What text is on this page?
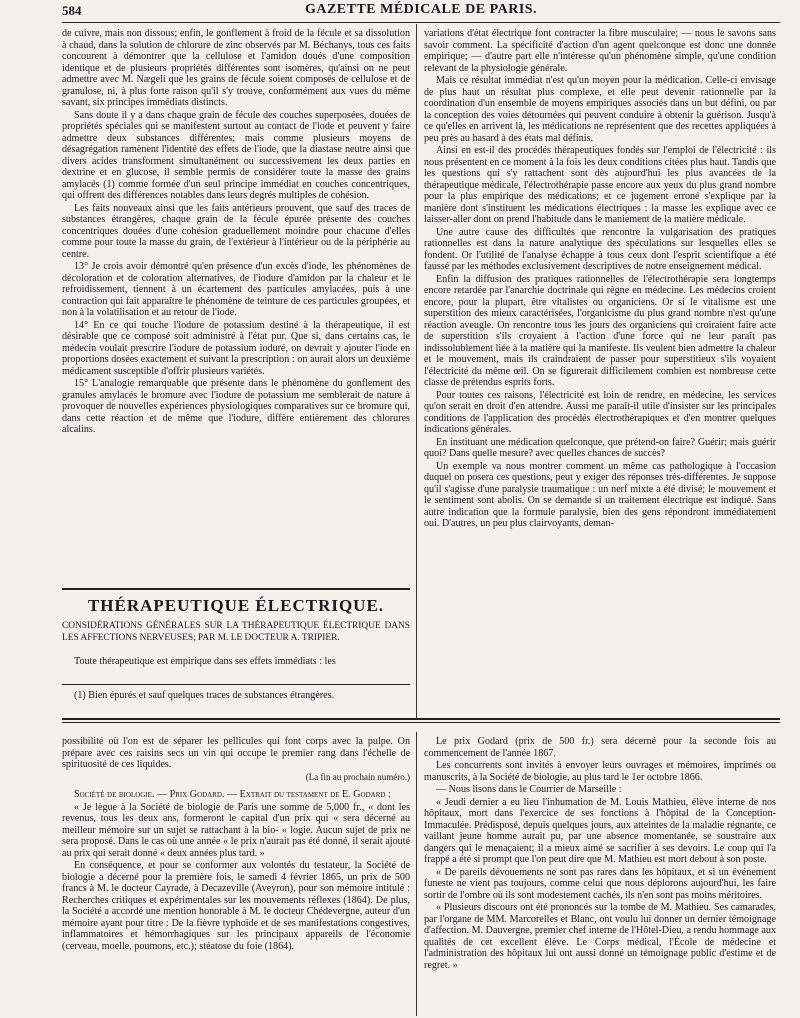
584	GAZETTE MÉDICALE DE PARIS.

de cuivre, mais non dissous; enfin, le gonflement à froid de la fécule et sa dissolution à chaud, dans la solution de chlorure de zinc observés par M. Béchanys, tous ces faits concourent à démontrer que la cellulose et l'amidon doués d'une composition identique et de plusieurs propriétés différentes sont isomères, qu'ainsi on ne peut admettre avec M. Nægeli que les grains de fécule soient composés de cellulose et de granulose, ni, à plus forte raison qu'il s'y trouve, conformément aux vues du même savant, six principes immédiats distincts.

Sans doute il y a dans chaque grain de fécule des couches superposées, douées de propriétés spéciales qui se manifestent surtout au contact de l'iode et peuvent y faire admettre deux substances différentes; mais comme plusieurs moyens de désagrégation ramènent l'identité des effets de l'iode, que la diastase neutre ainsi que divers acides transforment simultanément ou successivement les deux parties en dextrine et en glucose, il semble permis de considérer toute la masse des grains amylacés (1) comme formée d'un seul principe immédiat en couches concentriques, qui offrent des différences notables dans leurs degrés multiples de cohésion.

Les faits nouveaux ainsi que les faits antérieurs prouvent, que sauf des traces de substances étrangères, chaque grain de la fécule épurée présente des couches concentriques douées d'une cohésion graduellement moindre pour chacune d'elles comme pour toute la masse du grain, de l'extérieur à l'intérieur ou de la périphérie au centre.

13° Je crois avoir démontré qu'en présence d'un excès d'iode, les phénomènes de décoloration et de coloration alternatives, de l'iodure d'amidon par la chaleur et le refroidissement, tiennent à un écartement des particules amylacées, puis à une contraction qui fait apparaître le phénomène de teinture de ces particules groupées, et non à la volatilisation et au retour de l'iode.

14° En ce qui touche l'iodure de potassium destiné à la thérapeutique, il est désirable que ce composé soit administré à l'état pur. Que si, dans certains cas, le médecin voulait prescrire l'iodure de potassium ioduré, on devrait y ajouter l'iode en proportions dosées exactement et suivant la prescription : on aurait alors un deuxième médicament susceptible d'offrir plusieurs variétés.

15° L'analogie remarquable que présente dans le phénomène du gonflement des granules amylacés le bromure avec l'iodure de potassium me semblerait de nature à provoquer de nouvelles expériences physiologiques comparatives sur ce bromure qui, dans cette réaction et de même que l'iodure, diffère entièrement des chlorures alcalins.

THÉRAPEUTIQUE ÉLECTRIQUE.
CONSIDÉRATIONS GÉNÉRALES SUR LA THÉRAPEUTIQUE ÉLECTRIQUE DANS LES AFFECTIONS NERVEUSES; PAR M. LE DOCTEUR A. TRIPIER.
Toute thérapeutique est empirique dans ses effets immédiats : les
(1) Bien épurés et sauf quelques traces de substances étrangères.

variations d'état électrique font contracter la fibre musculaire; — nous le savons sans savoir comment. La spécificité d'action d'un agent quelconque est donc une donnée empirique; — d'autre part elle n'intéresse qu'un phénomène simple, qu'une condition relevant de la physiologie générale.

Mais ce résultat immédiat n'est qu'un moyen pour la médication. Celle-ci envisage de plus haut un résultat plus complexe, et elle peut devenir rationnelle par la coordination d'un ensemble de moyens empiriques associés dans un but défini, ou par la conception des voies détournées qui peuvent conduire à obtenir la guérison. Jusqu'à ce qu'elles en arrivent là, les médications ne représentent que des recettes appliquées à peu près au hasard à des états mal définis.

Ainsi en est-il des procédés thérapeutiques fondés sur l'emploi de l'électricité : ils nous présentent en ce moment à la fois les deux conditions citées plus haut. Tandis que les questions qui s'y rattachent sont dès aujourd'hui les plus avancées de la thérapeutique médicale, l'électrothérapie passe encore aux yeux du plus grand nombre pour la plus empirique des médications; et ce jugement erroné s'explique par la manière dont s'instituent les médications électriques : la masse les explique avec ce laisser-aller dont on prend l'habitude dans le maniement de la matière médicale.

Une autre cause des difficultés que rencontre la vulgarisation des pratiques rationnelles est dans la nature analytique des spéculations sur lesquelles elles se fondent. Or l'utilité de l'analyse échappe à tous ceux dont l'esprit scientifique a été faussé par les méthodes exclusivement descriptives de notre enseignement médical.

Enfin la diffusion des pratiques rationnelles de l'électrothérapie sera longtemps encore retardée par l'anarchie doctrinale qui règne en médecine. Les médecins croient encore, pour la plupart, être vitalistes ou organiciens. Or si le vitalisme est une superstition des mieux caractérisées, l'organicisme du plus grand nombre n'est qu'une réaction aveugle. On rencontre tous les jours des organiciens qui croiraient faire acte de superstition s'ils croyaient à l'action d'une force qui ne leur paraît pas indissolublement liée à la matière qui la manifeste. Ils veulent bien admettre la chaleur et le mouvement, mais ils craindraient de passer pour superstitieux s'ils voyaient l'électricité du même œil. On se figurerait difficilement combien est nombreuse cette classe de prétendus esprits forts.

Pour toutes ces raisons, l'électricité est loin de rendre, en médecine, les services qu'on serait en droit d'en attendre. Aussi me paraît-il utile d'insister sur les principales conditions de l'application des procédés électrothérapiques et d'en montrer quelques indications générales.

En instituant une médication quelconque, que prétend-on faire? Guérir; mais guérir quoi? Dans quelle mesure? avec quelles chances de succès?

Un exemple va nous montrer comment un même cas pathologique à l'occasion duquel on posera ces questions, peut y exiger des réponses très-différentes. Je suppose qu'il s'agisse d'une paralysie traumatique : un nerf mixte a été divisé; le mouvement et le sentiment sont abolis. On se demande si un traitement électrique est indiqué. Sans autre indication que la formule paralysie, bien des gens répondront immédiatement oui. D'autres, un peu plus clairvoyants, deman-

possibilité où l'on est de séparer les pellicules qui font corps avec la pulpe. On prépare avec ces raisins secs un vin qui occupe le premier rang dans l'échelle de spirituosité de ces liquides.

(La fin au prochain numéro.)

Société de biologie. — Prix Godard. — Extrait du testament de E. Godard :

« Je lègue à la Société de biologie de Paris une somme de 5,000 fr., « dont les revenus, tous les deux ans, formeront le capital d'un prix qui « sera décerné au meilleur mémoire sur un sujet se rattachant à la bio- « logie. Aucun sujet de prix ne sera proposé. Dans le cas où une année « le prix n'aurait pas été donné, il serait ajouté au prix qui serait donné « deux années plus tard. »

En conséquence, et pour se conformer aux volontés du testateur, la Société de biologie a décerné pour la première fois, le samedi 4 février 1865, un prix de 500 francs à M. le docteur Cayrade, à Decazeville (Aveyron), pour son mémoire intitulé : Recherches critiques et expérimentales sur les mouvements réflexes (1864). De plus, la Société a accordé une mention honorable à M. le docteur Chédevergne, auteur d'un mémoire ayant pour titre : De la fièvre typhoïde et de ses manifestations congestives, inflammatoires et hémorrhagiques sur les principaux appareils de l'économie (cerveau, moelle, poumons, etc.); stéatose du foie (1864).

Le prix Godard (prix de 500 fr.) sera décerné pour la seconde fois au commencement de l'année 1867.

Les concurrents sont invités à envoyer leurs ouvrages et mémoires, imprimés ou manuscrits, à la Société de biologie, au plus tard le 1er octobre 1866.

— Nous lisons dans le Courrier de Marseille :

« Jeudi dernier a eu lieu l'inhumation de M. Louis Mathieu, élève interne de nos hôpitaux, mort dans l'exercice de ses fonctions à l'hôpital de la Conception-Immaculée. Prédisposé, depuis quelques jours, aux atteintes de la maladie régnante, ce vaillant jeune homme aurait pu, par une absence momentanée, se soustraire aux dangers qui le menaçaient; il a mieux aimé se sacrifier à ses devoirs. Le coup qui l'a frappé a été si prompt que l'on peut dire que M. Mathieu est mort debout à son poste.

« De pareils dévouements ne sont pas rares dans les hôpitaux, et si un événement funeste ne vient pas toujours, comme celui que nous déplorons aujourd'hui, les faire sortir de l'ombre où ils sont modestement cachés, ils n'en sont pas moins méritoires.

« Plusieurs discours ont été prononcés sur la tombe de M. Mathieu. Ses camarades, par l'organe de MM. Marcorelles et Blanc, ont voulu lui donner un dernier témoignage d'affection. M. Dauvergne, premier chef interne de l'Hôtel-Dieu, a rendu hommage aux qualités de cet excellent élève. Le Corps médical, l'École de médecine et l'administration des hôpitaux lui ont aussi donné un témoignage public d'estime et de regret. »
